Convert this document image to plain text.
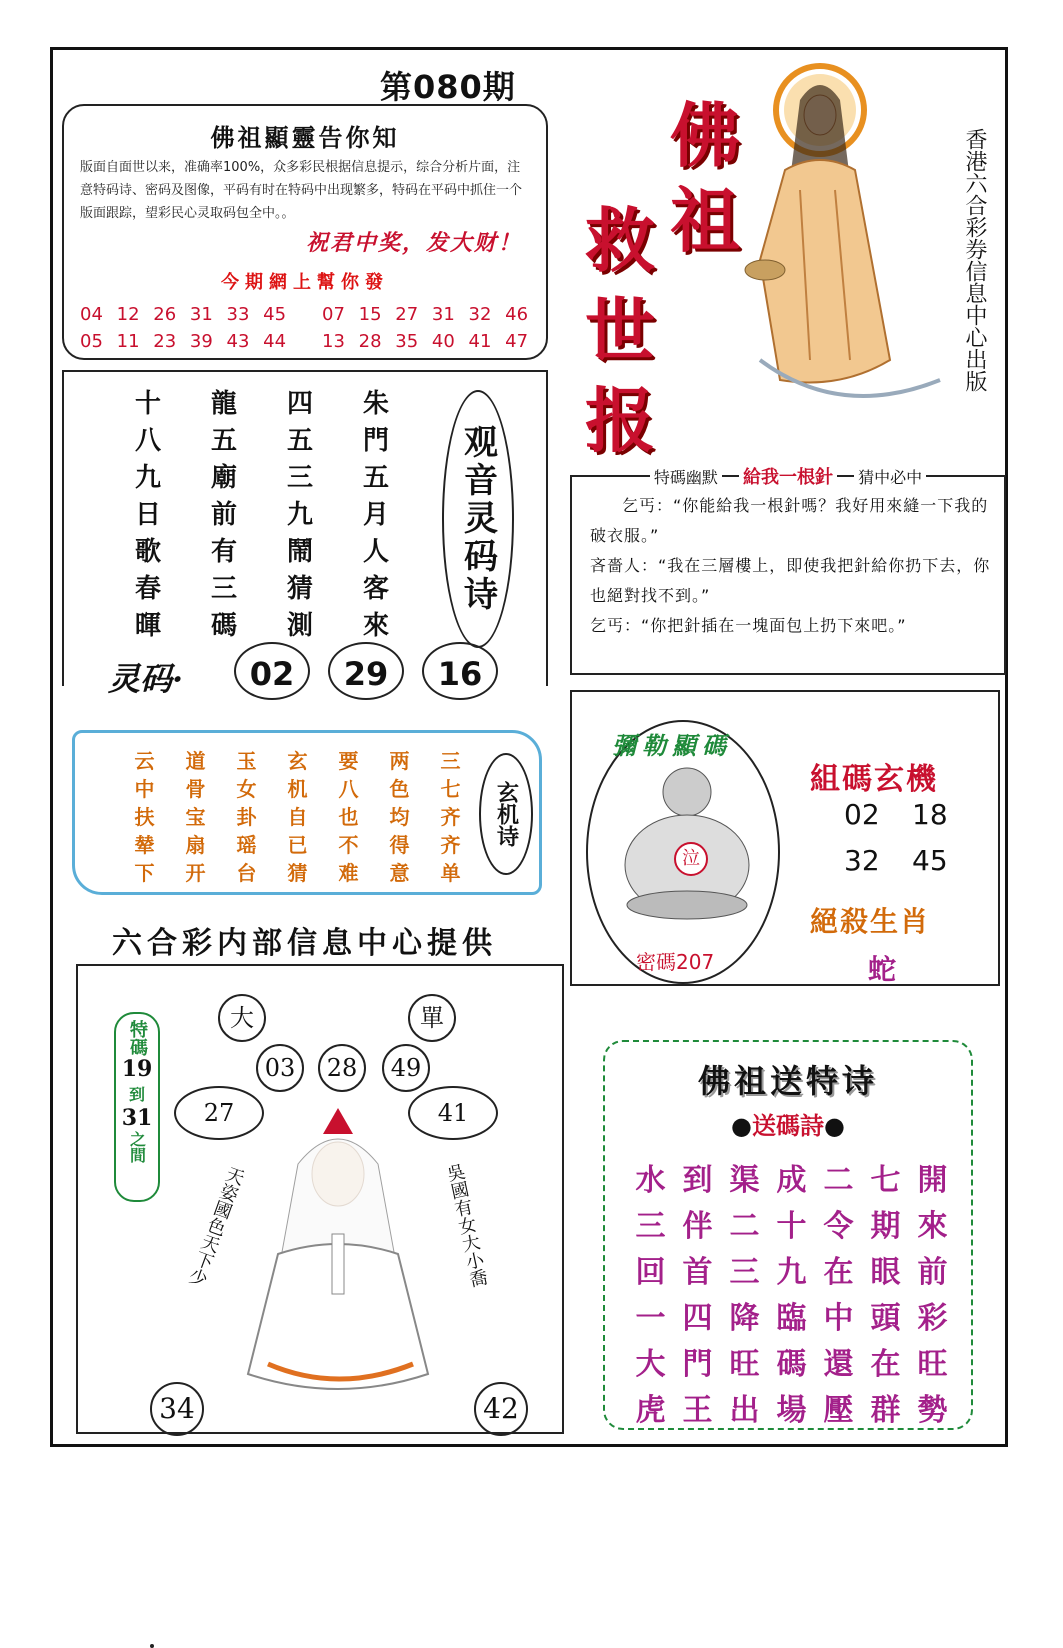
第080期
佛祖顯靈告你知
版面自面世以来，准确率100%，众多彩民根据信息提示，综合分析片面，注意特码诗、密码及图像，平码有时在特码中出现繁多，特码在平码中抓住一个版面跟踪，望彩民心灵取码包全中。。
祝君中奖，发大财！
今期網上幫你發
04 12 26 31 33 45 07 15 27 31 32 46
05 11 23 39 43 44 13 28 35 40 41 47
十	龍	四	朱
八	五	五	門
九	廟	三	五
日	前	九	月
歌	有	鬧	人
春	三	猜	客
暉	碼	測	來
观音灵码诗
灵码·	02	29	16
佛
祖
救
世
报
香港六合彩券信息中心出版
特碼幽默 給我一根針 猜中必中
乞丐：“你能給我一根針嗎？我好用來縫一下我的破衣服。”
吝嗇人：“我在三層樓上，即使我把針給你扔下去，你也絕對找不到。”
乞丐：“你把針插在一塊面包上扔下來吧。”
云	道	玉	玄	要	两	三
中	骨	女	机	八	色	七
扶	宝	卦	自	也	均	齐
辇	扇	瑶	已	不	得	齐
下	开	台	猜	难	意	单
玄机诗
六合彩内部信息中心提供
彌勒顯碼
泣
密碼207
組碼玄機
02 18
32 45
絕殺生肖
蛇
大	單
03	28	49
27	41
特碼
19
到
31
之間
天姿國色天下少	吳國有女大小喬
34	42
佛祖送特诗
●送碼詩●
水 到 渠 成 二 七 開
三 伴 二 十 令 期 來
回 首 三 九 在 眼 前
一 四 降 臨 中 頭 彩
大 門 旺 碼 還 在 旺
虎 王 出 場 壓 群 勢
